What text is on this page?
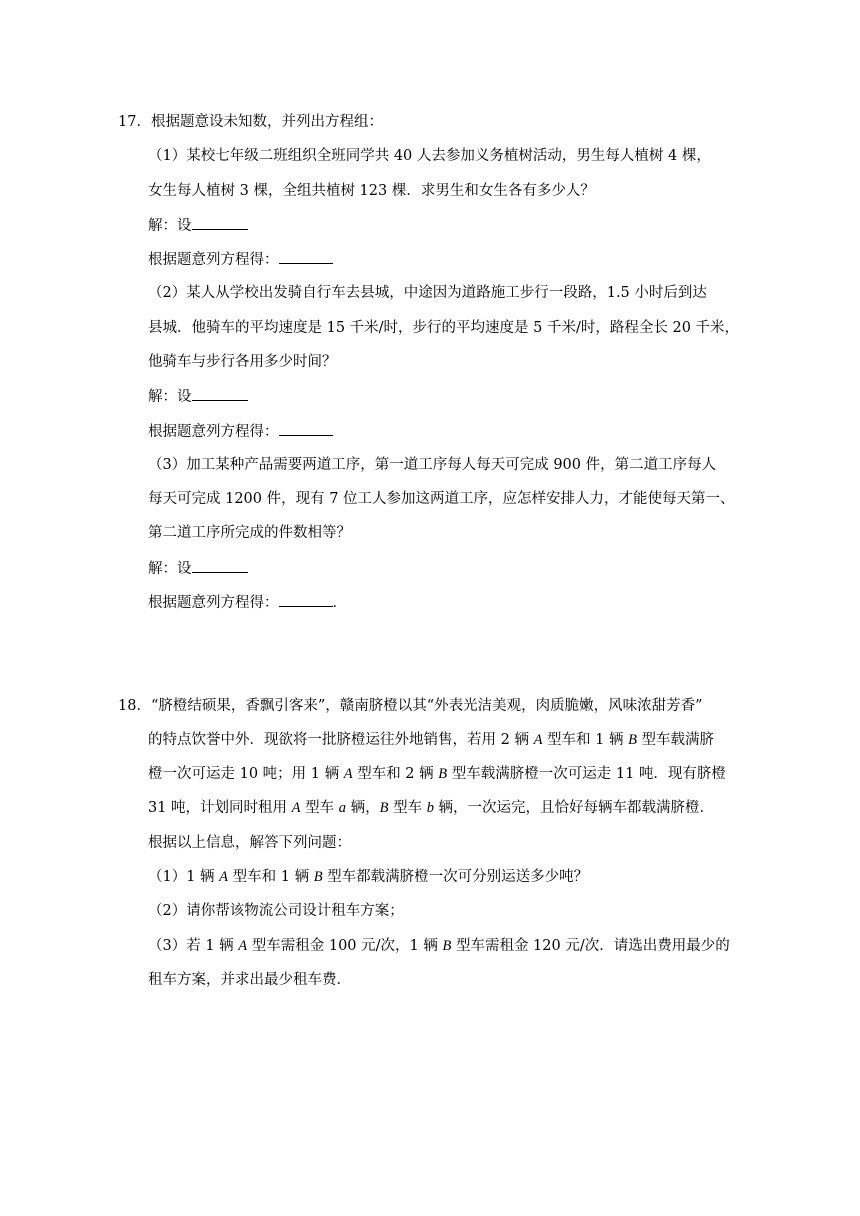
17．根据题意设未知数，并列出方程组：
（1）某校七年级二班组织全班同学共 40 人去参加义务植树活动，男生每人植树 4 棵，
女生每人植树 3 棵，全组共植树 123 棵．求男生和女生各有多少人？
解：设
根据题意列方程得：
（2）某人从学校出发骑自行车去县城，中途因为道路施工步行一段路，1.5 小时后到达
县城．他骑车的平均速度是 15 千米/时，步行的平均速度是 5 千米/时，路程全长 20 千米，
他骑车与步行各用多少时间？
解：设
根据题意列方程得：
（3）加工某种产品需要两道工序，第一道工序每人每天可完成 900 件，第二道工序每人
每天可完成 1200 件，现有 7 位工人参加这两道工序，应怎样安排人力，才能使每天第一、
第二道工序所完成的件数相等？
解：设
根据题意列方程得：	．
18．“脐橙结硕果，香飘引客来”，赣南脐橙以其“外表光洁美观，肉质脆嫩，风味浓甜芳香”
的特点饮誉中外．现欲将一批脐橙运往外地销售，若用 2 辆 A 型车和 1 辆 B 型车载满脐
橙一次可运走 10 吨；用 1 辆 A 型车和 2 辆 B 型车载满脐橙一次可运走 11 吨．现有脐橙
31 吨，计划同时租用 A 型车 a 辆，B 型车 b 辆，一次运完，且恰好每辆车都载满脐橙．
根据以上信息，解答下列问题：
（1）1 辆 A 型车和 1 辆 B 型车都载满脐橙一次可分别运送多少吨？
（2）请你帮该物流公司设计租车方案；
（3）若 1 辆 A 型车需租金 100 元/次，1 辆 B 型车需租金 120 元/次．请选出费用最少的
租车方案，并求出最少租车费．
